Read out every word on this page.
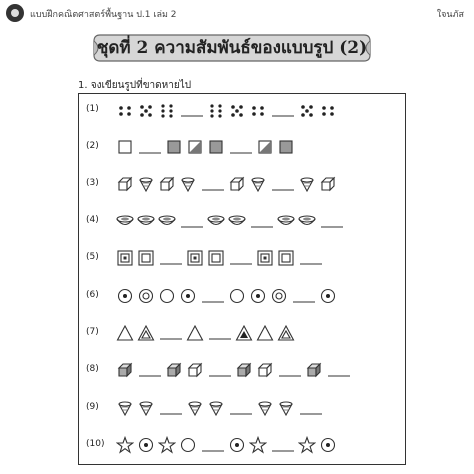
แบบฝึกคณิตศาสตร์พื้นฐาน ป.1 เล่ม 2	ใจนภัส
ชุดที่ 2 ความสัมพันธ์ของแบบรูป (2)
1. จงเขียนรูปที่ขาดหายไป
(1)
(2)
(3)
(4)
(5)
(6)
(7)
(8)
(9)
(10)
